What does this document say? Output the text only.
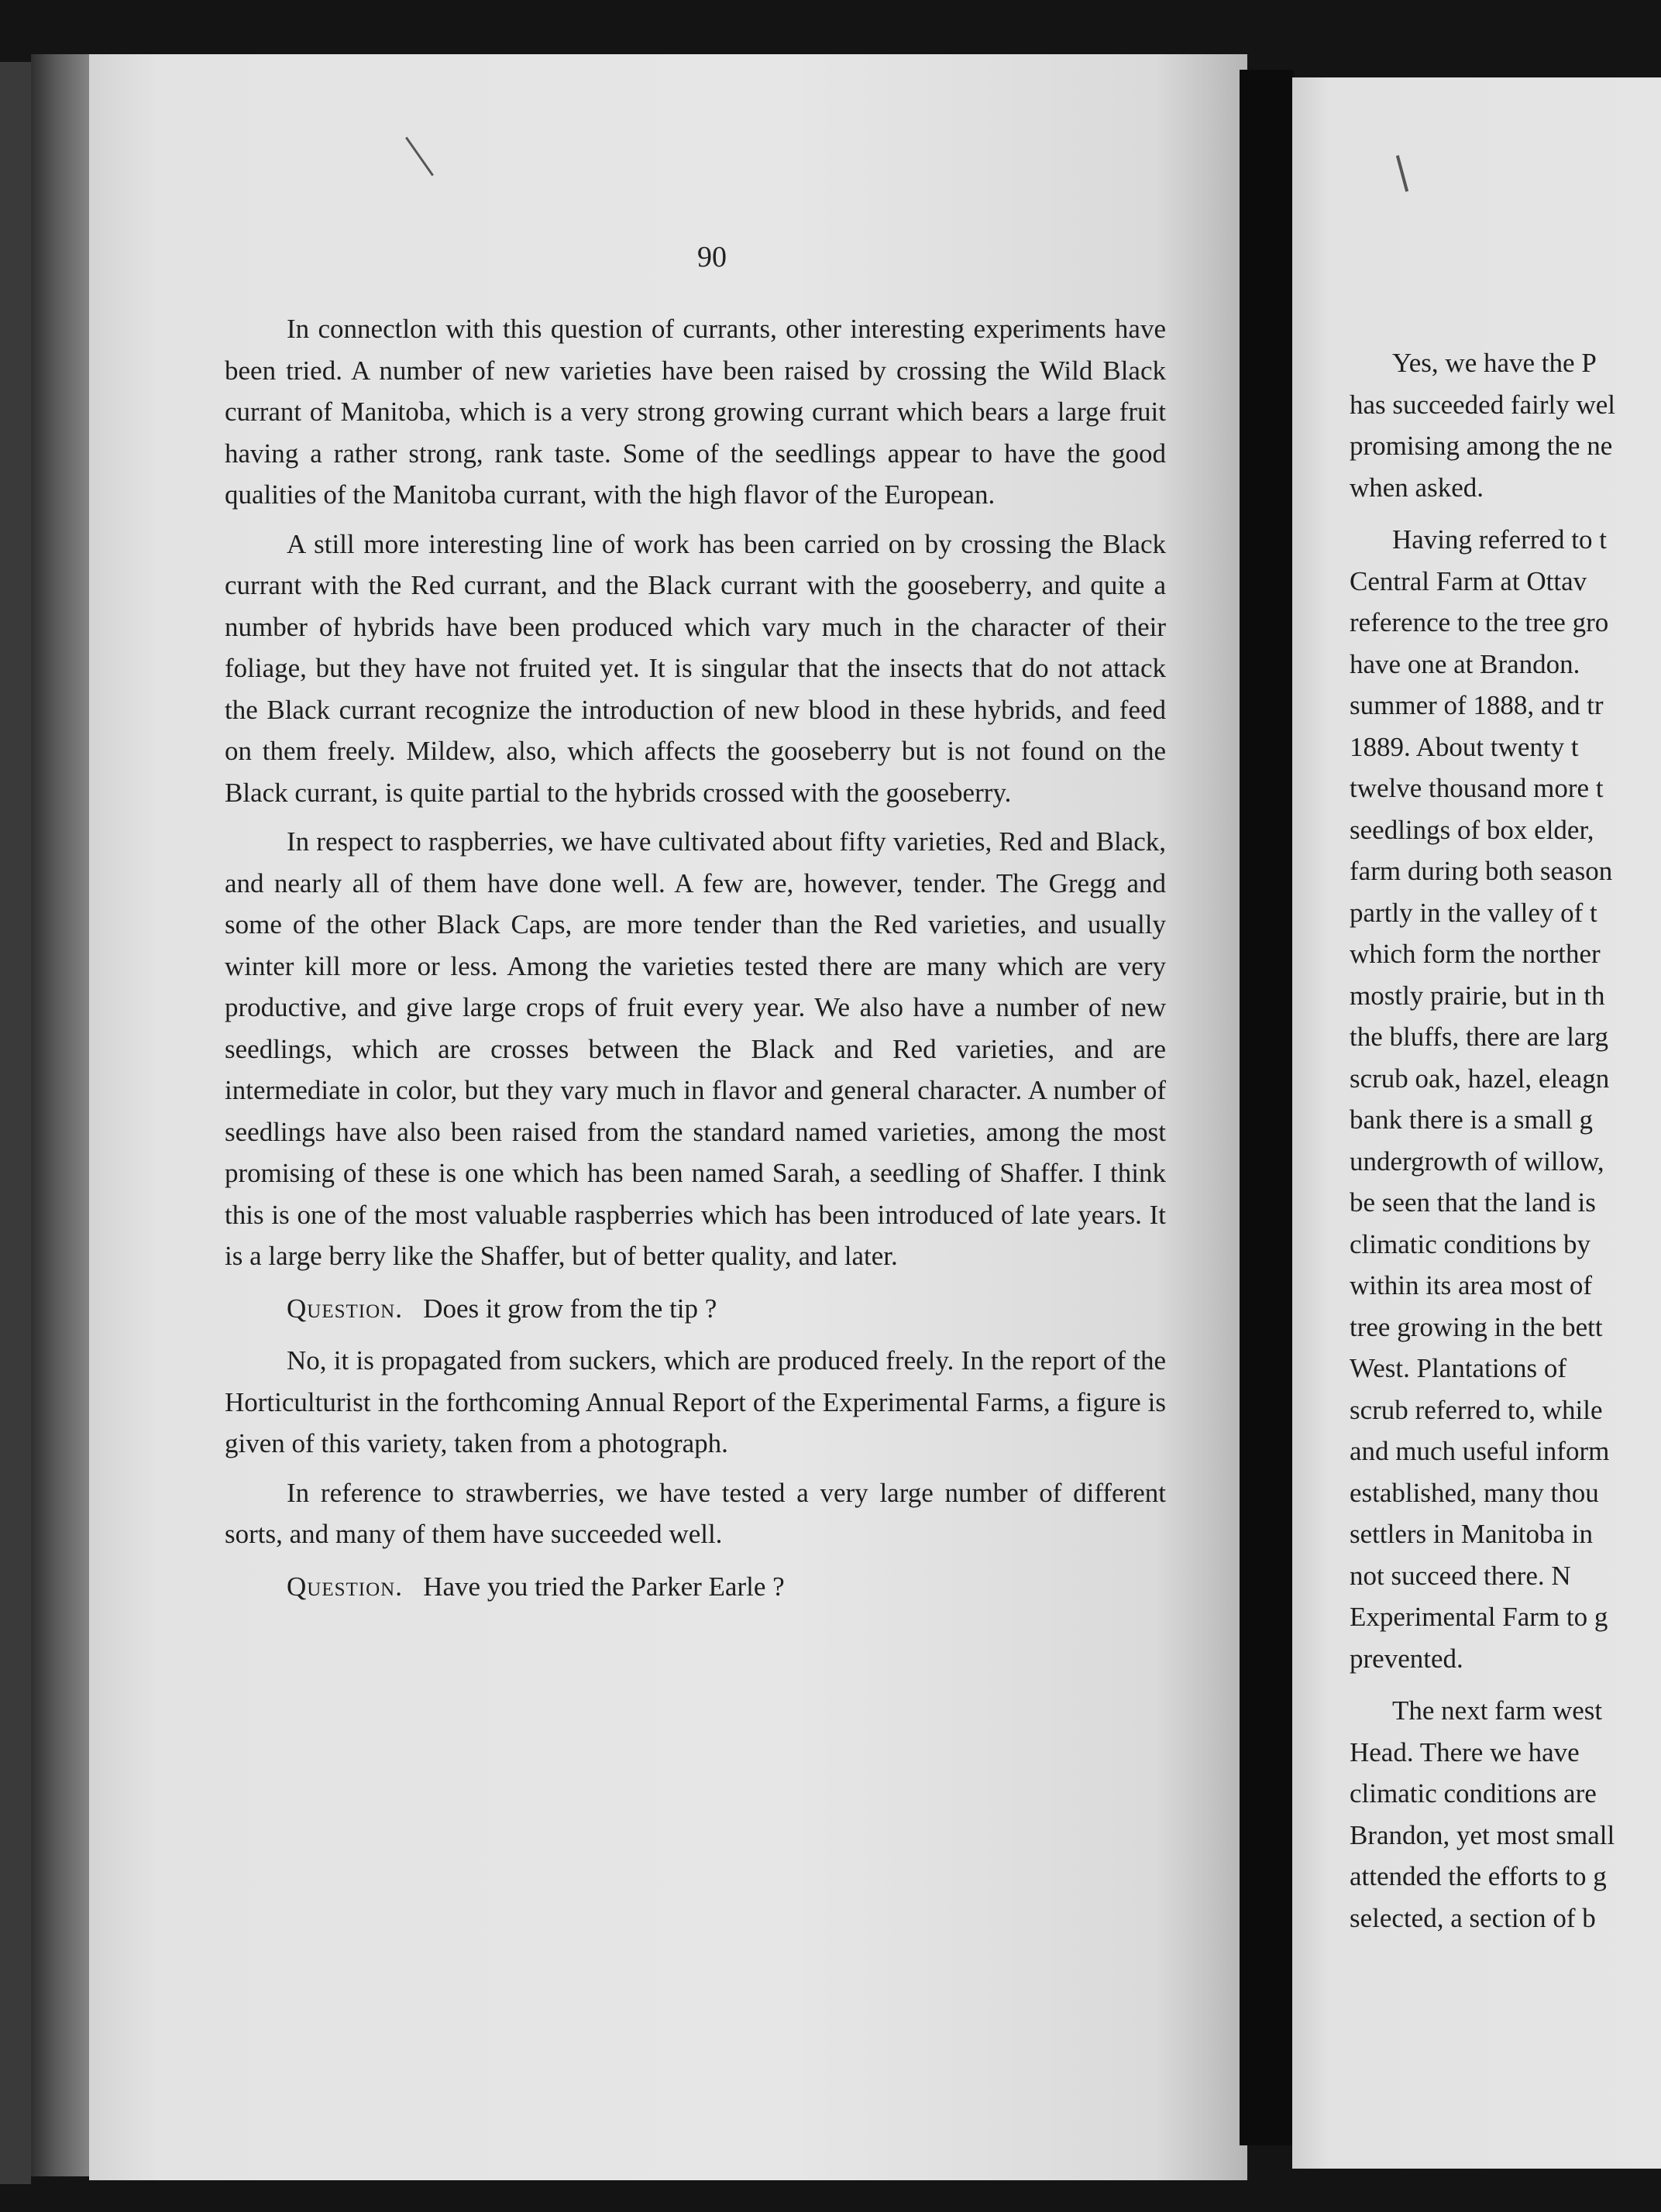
90

In connectlon with this question of currants, other interesting experiments have been tried. A number of new varieties have been raised by crossing the Wild Black currant of Manitoba, which is a very strong growing currant which bears a large fruit having a rather strong, rank taste. Some of the seedlings appear to have the good qualities of the Manitoba currant, with the high flavor of the European.

A still more interesting line of work has been carried on by crossing the Black currant with the Red currant, and the Black currant with the gooseberry, and quite a number of hybrids have been produced which vary much in the character of their foliage, but they have not fruited yet. It is singular that the insects that do not attack the Black currant recognize the introduction of new blood in these hybrids, and feed on them freely. Mildew, also, which affects the gooseberry but is not found on the Black currant, is quite partial to the hybrids crossed with the gooseberry.

In respect to raspberries, we have cultivated about fifty varieties, Red and Black, and nearly all of them have done well. A few are, however, tender. The Gregg and some of the other Black Caps, are more tender than the Red varieties, and usually winter kill more or less. Among the varieties tested there are many which are very productive, and give large crops of fruit every year. We also have a number of new seedlings, which are crosses between the Black and Red varieties, and are intermediate in color, but they vary much in flavor and general character. A number of seedlings have also been raised from the standard named varieties, among the most promising of these is one which has been named Sarah, a seedling of Shaffer. I think this is one of the most valuable raspberries which has been introduced of late years. It is a large berry like the Shaffer, but of better quality, and later.

Question. Does it grow from the tip ?

No, it is propagated from suckers, which are produced freely. In the report of the Horticulturist in the forthcoming Annual Report of the Experimental Farms, a figure is given of this variety, taken from a photograph.

In reference to strawberries, we have tested a very large number of different sorts, and many of them have succeeded well.

Question. Have you tried the Parker Earle ?

Yes, we have the P
has succeeded fairly wel
promising among the ne
when asked.
Having referred to t
Central Farm at Ottav
reference to the tree gro
have one at Brandon.
summer of 1888, and tr
1889. About twenty t
twelve thousand more t
seedlings of box elder,
farm during both season
partly in the valley of t
which form the norther
mostly prairie, but in th
the bluffs, there are larg
scrub oak, hazel, eleagn
bank there is a small g
undergrowth of willow,
be seen that the land is
climatic conditions by
within its area most of
tree growing in the bett
West. Plantations of
scrub referred to, while
and much useful inform
established, many thou
settlers in Manitoba in
not succeed there. N
Experimental Farm to g
prevented.
The next farm west
Head. There we have
climatic conditions are
Brandon, yet most small
attended the efforts to g
selected, a section of b
